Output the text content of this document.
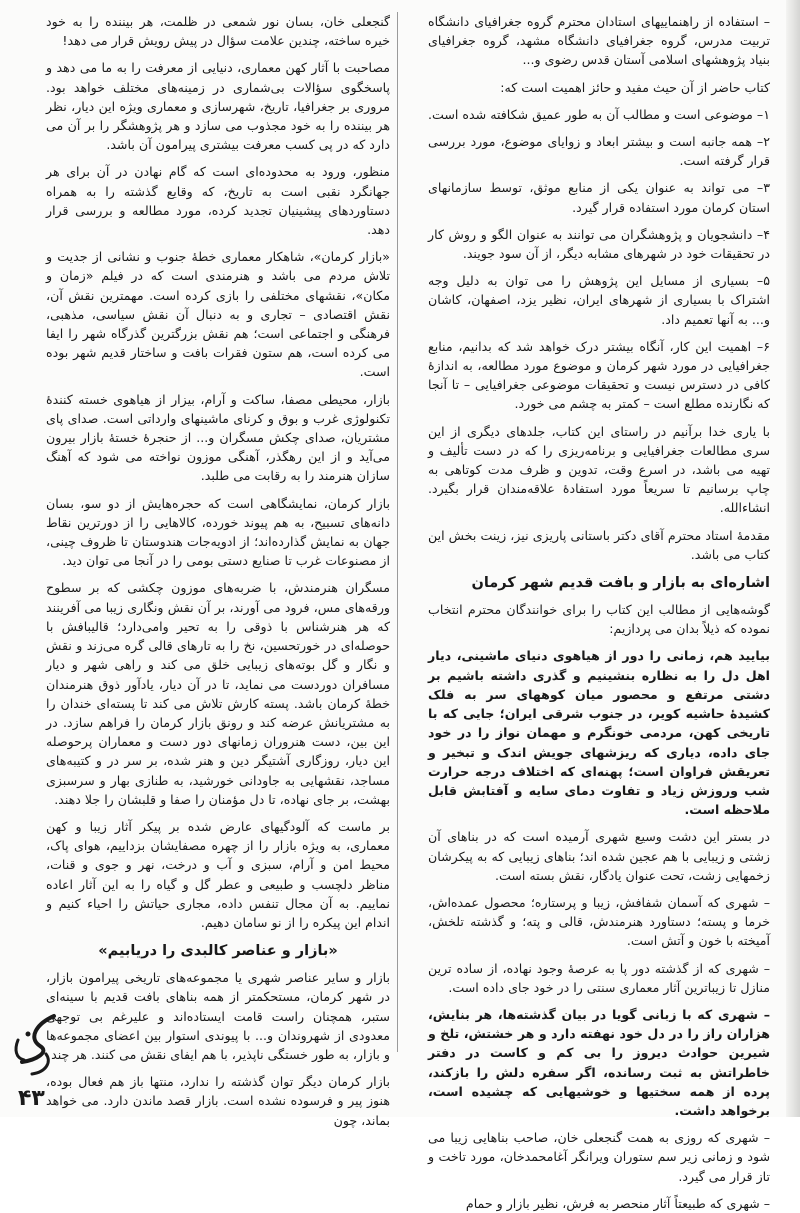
– استفاده از راهنماییهای استادان محترم گروه جغرافیای دانشگاه تربیت مدرس، گروه جغرافیای دانشگاه مشهد، گروه جغرافیای بنیاد پژوهشهای اسلامی آستان قدس رضوی و...

کتاب حاضر از آن حیث مفید و حائز اهمیت است که:

۱– موضوعی است و مطالب آن به طور عمیق شکافته شده است.

۲– همه جانبه است و بیشتر ابعاد و زوایای موضوع، مورد بررسی قرار گرفته است.

۳– می تواند به عنوان یکی از منابع موثق، توسط سازمانهای استان کرمان مورد استفاده قرار گیرد.

۴– دانشجویان و پژوهشگران می توانند به عنوان الگو و روش کار در تحقیقات خود در شهرهای مشابه دیگر، از آن سود جویند.

۵– بسیاری از مسایل این پژوهش را می توان به دلیل وجه اشتراک با بسیاری از شهرهای ایران، نظیر یزد، اصفهان، کاشان و... به آنها تعمیم داد.

۶– اهمیت این کار، آنگاه بیشتر درک خواهد شد که بدانیم، منابع جغرافیایی در مورد شهر کرمان و موضوع مورد مطالعه، به اندازهٔ کافی در دسترس نیست و تحقیقات موضوعی جغرافیایی – تا آنجا که نگارنده مطلع است – کمتر به چشم می خورد.

با یاری خدا برآنیم در راستای این کتاب، جلدهای دیگری از این سری مطالعات جغرافیایی و برنامه‌ریزی را که در دست تألیف و تهیه می باشد، در اسرع وقت، تدوین و ظرف مدت کوتاهی به چاپ برسانیم تا سریعاً مورد استفادهٔ علاقه‌مندان قرار بگیرد. انشاءالله.

مقدمهٔ استاد محترم آقای دکتر باستانی پاریزی نیز، زینت بخش این کتاب می باشد.

اشاره‌ای به بازار و بافت قدیم شهر کرمان

گوشه‌هایی از مطالب این کتاب را برای خوانندگان محترم انتخاب نموده که ذیلاً بدان می پردازیم:

بیایید هم، زمانی را دور از هیاهوی دنیای ماشینی، دیار اهل دل را به نظاره بنشینیم و گذری داشته باشیم بر دشتی مرتفع و محصور میان کوههای سر به فلک کشیدهٔ حاشیه کویر، در جنوب شرقی ایران؛ جایی که با تاریخی کهن، مردمی خونگرم و مهمان نواز را در خود جای داده، دیاری که ریزشهای جویش اندک و تبخیر و تعریقش فراوان است؛ پهنه‌ای که اختلاف درجه حرارت شب وروزش زیاد و تفاوت دمای سایه و آفتابش قابل ملاحظه است.

در بستر این دشت وسیع شهری آرمیده است که در بناهای آن زشتی و زیبایی با هم عجین شده اند؛ بناهای زیبایی که به پیکرشان زخمهایی زشت، تحت عنوان یادگار، نقش بسته است.

– شهری که آسمان شفافش، زیبا و پرستاره؛ محصول عمده‌اش، خرما و پسته؛ دستاورد هنرمندش، قالی و پته؛ و گذشته تلخش، آمیخته با خون و آتش است.

– شهری که از گذشته دور پا به عرصهٔ وجود نهاده، از ساده ترین منازل تا زیباترین آثار معماری سنتی را در خود جای داده است.

– شهری که با زبانی گویا در بیان گذشته‌ها، هر بنایش، هزاران راز را در دل خود نهفته دارد و هر خشتش، تلخ و شیرین حوادث دیروز را بی کم و کاست در دفتر خاطراتش به ثبت رسانده، اگر سفره دلش را بازکند، پرده از همه سختیها و خوشیهایی که چشیده است، برخواهد داشت.

– شهری که روزی به همت گنجعلی خان، صاحب بناهایی زیبا می شود و زمانی زیر سم ستوران ویرانگر آغامحمدخان، مورد تاخت و تاز قرار می گیرد.

– شهری که طبیعتاً آثار منحصر به فرش، نظیر بازار و حمام

گنجعلی خان، بسان نور شمعی در ظلمت، هر بیننده را به خود خیره ساخته، چندین علامت سؤال در پیش رویش قرار می دهد!

مصاحبت با آثار کهن معماری، دنیایی از معرفت را به ما می دهد و پاسخگوی سؤالات بی‌شماری در زمینه‌های مختلف خواهد بود. مروری بر جغرافیا، تاریخ، شهرسازی و معماری ویژه این دیار، نظر هر بیننده را به خود مجذوب می سازد و هر پژوهشگر را بر آن می دارد که در پی کسب معرفت بیشتری پیرامون آن باشد.

منظور، ورود به محدوده‌ای است که گام نهادن در آن برای هر جهانگرد نقبی است به تاریخ، که وقایع گذشته را به همراه دستاوردهای پیشینیان تجدید کرده، مورد مطالعه و بررسی قرار دهد.

«بازار کرمان»، شاهکار معماری خطهٔ جنوب و نشانی از جدیت و تلاش مردم می باشد و هنرمندی است که در فیلم «زمان و مکان»، نقشهای مختلفی را بازی کرده است. مهمترین نقش آن، نقش اقتصادی – تجاری و به دنبال آن نقش سیاسی، مذهبی، فرهنگی و اجتماعی است؛ هم نقش بزرگترین گذرگاه شهر را ایفا می کرده است، هم ستون فقرات بافت و ساختار قدیم شهر بوده است.

بازار، محیطی مصفا، ساکت و آرام، بیزار از هیاهوی خسته کنندهٔ تکنولوژی غرب و بوق و کرنای ماشینهای وارداتی است. صدای پای مشتریان، صدای چکش مسگران و... از حنجرهٔ خستهٔ بازار بیرون می‌آید و از این رهگذر، آهنگی موزون نواخته می شود که آهنگ سازان هنرمند را به رقابت می طلبد.

بازار کرمان، نمایشگاهی است که حجره‌هایش از دو سو، بسان دانه‌های تسبیح، به هم پیوند خورده، کالاهایی را از دورترین نقاط جهان به نمایش گذارده‌اند؛ از ادویه‌جات هندوستان تا ظروف چینی، از مصنوعات غرب تا صنایع دستی بومی را در آنجا می توان دید.

مسگران هنرمندش، با ضربه‌های موزون چکشی که بر سطوح ورقه‌های مس، فرود می آورند، بر آن نقش ونگاری زیبا می آفرینند که هر هنرشناس با ذوقی را به تحیر وامی‌دارد؛ قالیبافش با حوصله‌ای در خورتحسین، نخ را به تارهای قالی گره می‌زند و نقش و نگار و گل بوته‌های زیبایی خلق می کند و راهی شهر و دیار مسافران دوردست می نماید، تا در آن دیار، یادآور ذوق هنرمندان خطهٔ کرمان باشد. پسته کارش تلاش می کند تا پسته‌ای خندان را به مشتریانش عرضه کند و رونق بازار کرمان را فراهم سازد. در این بین، دست هنروران زمانهای دور دست و معماران پرحوصله این دیار، روزگاری آشتیگر دین و هنر شده، بر سر در و کتیبه‌های مساجد، نقشهایی به جاودانی خورشید، به طنازی بهار و سرسبزی بهشت، بر جای نهاده، تا دل مؤمنان را صفا و قلبشان را جلا دهند.

بر ماست که آلودگیهای عارض شده بر پیکر آثار زیبا و کهن معماری، به ویژه بازار را از چهره مصفایشان بزداییم، هوای پاک، محیط امن و آرام، سبزی و آب و درخت، نهر و جوی و قنات، مناظر دلچسب و طبیعی و عطر گل و گیاه را به این آثار اعاده نماییم. به آن مجال تنفس داده، مجاری حیاتش را احیاء کنیم و اندام این پیکره را از نو سامان دهیم.

«بازار و عناصر کالبدی را دریابیم»

بازار و سایر عناصر شهری یا مجموعه‌های تاریخی پیرامون بازار، در شهر کرمان، مستحکمتر از همه بناهای بافت قدیم با سینه‌ای ستبر، همچنان راست قامت ایستاده‌اند و علیرغم بی توجهی معدودی از شهروندان و... با پیوندی استوار بین اعضای مجموعه‌ها و بازار، به طور خستگی ناپذیر، با هم ایفای نقش می کنند. هر چند

بازار کرمان دیگر توان گذشته را ندارد، منتها باز هم فعال بوده، هنوز پیر و فرسوده نشده است. بازار قصد ماندن دارد. می خواهد بماند، چون

۴۳
